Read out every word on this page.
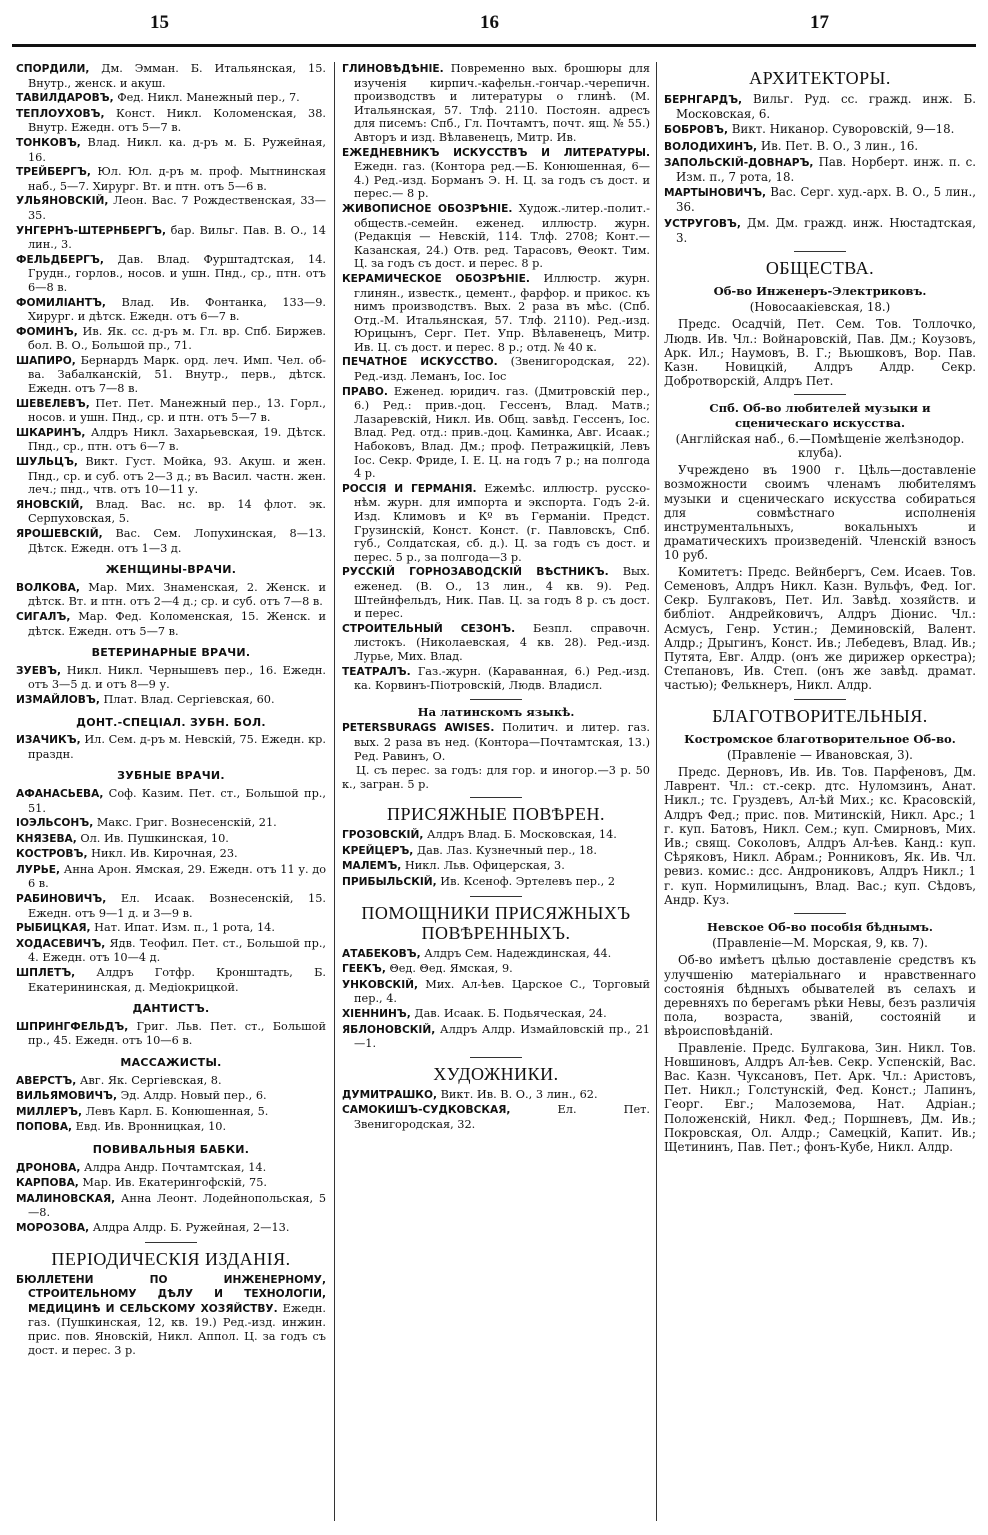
15	16	17
СПОРДИЛИ, Дм. Эмман. Б. Итальянская, 15. Внутр., женск. и акуш.
ТАВИЛДАРОВЪ, Фед. Никл. Манежный пер., 7.
ТЕПЛОУХОВЪ, Конст. Никл. Коломенская, 38. Внутр. Ежедн. отъ 5—7 в.
ТОНКОВЪ, Влад. Никл. ка. д-ръ м. Б. Ружейная, 16.
ТРЕЙБЕРГЪ, Юл. Юл. д-ръ м. проф. Мытнинская наб., 5—7. Хирург. Вт. и птн. отъ 5—6 в.
УЛЬЯНОВСКІЙ, Леон. Вас. 7 Рождественская, 33—35.
УНГЕРНЪ-ШТЕРНБЕРГЪ, бар. Вильг. Пав. В. О., 14 лин., 3.
ФЕЛЬДБЕРГЪ, Дав. Влад. Фурштадтская, 14. Грудн., горлов., носов. и ушн. Пнд., ср., птн. отъ 6—8 в.
ФОМИЛІАНТЪ, Влад. Ив. Фонтанка, 133—9. Хирург. и дѣтск. Ежедн. отъ 6—7 в.
ФОМИНЪ, Ив. Як. сс. д-ръ м. Гл. вр. Спб. Биржев. бол. В. О., Большой пр., 71.
ШАПИРО, Бернардъ Марк. орд. леч. Имп. Чел. об-ва. Забалканскій, 51. Внутр., перв., дѣтск. Ежедн. отъ 7—8 в.
ШЕВЕЛЕВЪ, Пет. Пет. Манежный пер., 13. Горл., носов. и ушн. Пнд., ср. и птн. отъ 5—7 в.
ШКАРИНЪ, Алдръ Никл. Захарьевская, 19. Дѣтск. Пнд., ср., птн. отъ 6—7 в.
ШУЛЬЦЪ, Викт. Густ. Мойка, 93. Акуш. и жен. Пнд., ср. и суб. отъ 2—3 д.; въ Васил. частн. жен. леч.; пнд., чтв. отъ 10—11 у.
ЯНОВСКІЙ, Влад. Вас. нс. вр. 14 флот. эк. Серпуховская, 5.
ЯРОШЕВСКІЙ, Вас. Сем. Лопухинская, 8—13. Дѣтск. Ежедн. отъ 1—3 д.
ЖЕНЩИНЫ-ВРАЧИ.
ВОЛКОВА, Мар. Мих. Знаменская, 2. Женск. и дѣтск. Вт. и птн. отъ 2—4 д.; ср. и суб. отъ 7—8 в.
СИГАЛЪ, Мар. Фед. Коломенская, 15. Женск. и дѣтск. Ежедн. отъ 5—7 в.
ВЕТЕРИНАРНЫЕ ВРАЧИ.
ЗУЕВЪ, Никл. Никл. Чернышевъ пер., 16. Ежедн. отъ 3—5 д. и отъ 8—9 у.
ИЗМАЙЛОВЪ, Плат. Влад. Сергіевская, 60.
ДОНТ.-СПЕЦІАЛ. ЗУБН. БОЛ.
ИЗАЧИКЪ, Ил. Сем. д-ръ м. Невскій, 75. Ежедн. кр. праздн.
ЗУБНЫЕ ВРАЧИ.
АФАНАСЬЕВА, Соф. Казим. Пет. ст., Большой пр., 51.
ІОЭЛЬСОНЪ, Макс. Григ. Вознесенскій, 21.
КНЯЗЕВА, Ол. Ив. Пушкинская, 10.
КОСТРОВЪ, Никл. Ив. Кирочная, 23.
ЛУРЬЕ, Анна Арон. Ямская, 29. Ежедн. отъ 11 у. до 6 в.
РАБИНОВИЧЪ, Ел. Исаак. Вознесенскій, 15. Ежедн. отъ 9—1 д. и 3—9 в.
РЫБИЦКАЯ, Нат. Ипат. Изм. п., 1 рота, 14.
ХОДАСЕВИЧЪ, Ядв. Теофил. Пет. ст., Большой пр., 4. Ежедн. отъ 10—4 д.
ШПЛЕТЪ, Алдръ Готфр. Кронштадть, Б. Екатерининская, д. Медіокрицкой.
ДАНТИСТЪ.
ШПРИНГФЕЛЬДЪ, Григ. Льв. Пет. ст., Большой пр., 45. Ежедн. отъ 10—6 в.
МАССАЖИСТЫ.
АВЕРСТЪ, Авг. Як. Сергіевская, 8.
ВИЛЬЯМОВИЧЪ, Эд. Алдр. Новый пер., 6.
МИЛЛЕРЪ, Левъ Карл. Б. Конюшенная, 5.
ПОПОВА, Евд. Ив. Вронницкая, 10.
ПОВИВАЛЬНЫЯ БАБКИ.
ДРОНОВА, Алдра Андр. Почтамтская, 14.
КАРПОВА, Мар. Ив. Екатерингофскій, 75.
МАЛИНОВСКАЯ, Анна Леонт. Лодейнопольская, 5—8.
МОРОЗОВА, Алдра Алдр. Б. Ружейная, 2—13.
ПЕРІОДИЧЕСКІЯ ИЗДАНІЯ.
БЮЛЛЕТЕНИ ПО ИНЖЕНЕРНОМУ, СТРОИТЕЛЬНОМУ ДѢЛУ И ТЕХНОЛОГІИ, МЕДИЦИНѢ И СЕЛЬСКОМУ ХОЗЯЙСТВУ. Ежедн. газ. (Пушкинская, 12, кв. 19.) Ред.-изд. инжин. прис. пов. Яновскій, Никл. Аппол. Ц. за годъ съ дост. и перес. 3 р.
ГЛИНОВѢДѢНІЕ. Повременно вых. брошюры для изученія кирпич.-кафельн.-гончар.-черепичн. производствъ и литературы о глинѣ. (М. Итальянская, 57. Тлф. 2110. Постоян. адресъ для писемъ: Спб., Гл. Почтамтъ, почт. ящ. № 55.) Авторъ и изд. Вѣлавенецъ, Митр. Ив.
ЕЖЕДНЕВНИКЪ ИСКУССТВЪ И ЛИТЕРАТУРЫ. Ежедн. газ. (Контора ред.—Б. Конюшенная, 6—4.) Ред.-изд. Борманъ Э. Н. Ц. за годъ съ дост. и перес.— 8 р.
ЖИВОПИСНОЕ ОБОЗРѢНІЕ. Худож.-литер.-полит.-обществ.-семейн. еженед. иллюстр. журн. (Редакція — Невскій, 114. Тлф. 2708; Конт.—Казанская, 24.) Отв. ред. Тарасовъ, Θеокт. Тим. Ц. за годъ съ дост. и перес. 8 р.
КЕРАМИЧЕСКОЕ ОБОЗРѢНІЕ. Иллюстр. журн. глинян., известк., цемент., фарфор. и прикос. къ нимъ производствъ. Вых. 2 раза въ мѣс. (Спб. Отд.-М. Итальянская, 57. Тлф. 2110). Ред.-изд. Юрицынъ, Серг. Пет. Упр. Вѣлавенецъ, Митр. Ив. Ц. съ дост. и перес. 8 р.; отд. № 40 к.
ПЕЧАТНОЕ ИСКУССТВО. (Звенигородская, 22). Ред.-изд. Леманъ, Іос. Іос
ПРАВО. Еженед. юридич. газ. (Дмитровскій пер., 6.) Ред.: прив.-доц. Гессенъ, Влад. Матв.; Лазаревскій, Никл. Ив. Общ. завѣд. Гессенъ, Іос. Влад. Ред. отд.: прив.-доц. Каминка, Авг. Исаак.; Набоковъ, Влад. Дм.; проф. Петражицкій, Левъ Іос. Секр. Фриде, І. Е. Ц. на годъ 7 р.; на полгода 4 р.
РОССІЯ И ГЕРМАНІЯ. Ежемѣс. иллюстр. русско-нѣм. журн. для импорта и экспорта. Годъ 2-й. Изд. Климовъ и Кº въ Германіи. Предст. Грузинскій, Конст. Конст. (г. Павловскъ, Спб. губ., Солдатская, сб. д.). Ц. за годъ съ дост. и перес. 5 р., за полгода—3 р.
РУССКІЙ ГОРНОЗАВОДСКІЙ ВѢСТНИКЪ. Вых. еженед. (В. О., 13 лин., 4 кв. 9). Ред. Штейнфельдъ, Ник. Пав. Ц. за годъ 8 р. съ дост. и перес.
СТРОИТЕЛЬНЫЙ СЕЗОНЪ. Безпл. справочн. листокъ. (Николаевская, 4 кв. 28). Ред.-изд. Лурье, Мих. Влад.
ТЕАТРАЛЪ. Газ.-журн. (Караванная, 6.) Ред.-изд. ка. Корвинъ-Піотровскій, Людв. Владисл.
На латинскомъ языкѣ.
PETERSBURAGS AWISES. Политич. и литер. газ. вых. 2 раза въ нед. (Контора—Почтамтская, 13.) Ред. Равинъ, О.
Ц. съ перес. за годъ: для гор. и иногор.—3 р. 50 к., загран. 5 р.
ПРИСЯЖНЫЕ ПОВѢРЕН.
ГРОЗОВСКІЙ, Алдръ Влад. Б. Московская, 14.
КРЕЙЦЕРЪ, Дав. Лаз. Кузнечный пер., 18.
МАЛЕМЪ, Никл. Льв. Офицерская, 3.
ПРИБЫЛЬСКІЙ, Ив. Ксеноф. Эртелевъ пер., 2
ПОМОЩНИКИ ПРИСЯЖНЫХЪ ПОВѢРЕННЫХЪ.
АТАБЕКОВЪ, Алдръ Сем. Надеждинская, 44.
ГЕЕКЪ, Θед. Θед. Ямская, 9.
УНКОВСКІЙ, Мих. Ал-ѣев. Царское С., Торговый пер., 4.
ХІЕННИНЪ, Дав. Исаак. Б. Подьяческая, 24.
ЯБЛОНОВСКІЙ, Алдръ Алдр. Измайловскій пр., 21—1.
ХУДОЖНИКИ.
ДУМИТРАШКО, Викт. Ив. В. О., 3 лин., 62.
САМОКИШЪ-СУДКОВСКАЯ,	Ел. Пет. Звенигородская, 32.
АРХИТЕКТОРЫ.
БЕРНГАРДЪ, Вильг. Руд. сс. гражд. инж. Б. Московская, 6.
БОБРОВЪ, Викт. Никанор. Суворовскій, 9—18.
ВОЛОДИХИНЪ, Ив. Пет. В. О., 3 лин., 16.
ЗАПОЛЬСКІЙ-ДОВНАРЪ, Пав. Норберт. инж. п. с. Изм. п., 7 рота, 18.
МАРТЫНОВИЧЪ, Вас. Серг. худ.-арх. В. О., 5 лин., 36.
УСТРУГОВЪ, Дм. Дм. гражд. инж. Нюстадтская, 3.
ОБЩЕСТВА.
Об-во Инженеръ-Электриковъ.
(Новосаакіевская, 18.)
Предс. Осадчій, Пет. Сем. Тов. Толлочко, Людв. Ив. Чл.: Войнаровскій, Пав. Дм.; Коузовъ, Арк. Ил.; Наумовъ, В. Г.; Вьюшковъ, Вор. Пав. Казн. Новицкій, Алдръ Алдр. Секр. Добротворскій, Алдръ Пет.
Спб. Об-во любителей музыки и сценическаго искусства.
(Англійская наб., 6.—Помѣщеніе желѣзнодор. клуба).
Учреждено въ 1900 г. Цѣль—доставленіе возможности своимъ членамъ любителямъ музыки и сценическаго искусства собираться для совмѣстнаго исполненія инструментальныхъ, вокальныхъ и драматическихъ произведеній. Членскій взносъ 10 руб.
Комитетъ: Предс. Вейнбергъ, Сем. Исаев. Тов. Семеновъ, Алдръ Никл. Казн. Вульфъ, Фед. Іог. Секр. Булгаковъ, Пет. Ил. Завѣд. хозяйств. и библіот. Андрейковичъ, Алдръ Діонис. Чл.: Асмусъ, Генр. Устин.; Деминовскій, Валент. Алдр.; Дрыгинъ, Конст. Ив.; Лебедевъ, Влад. Ив.; Путята, Евг. Алдр. (онъ же дирижер оркестра); Степановъ, Ив. Степ. (онъ же завѣд. драмат. частью); Фелькнеръ, Никл. Алдр.
БЛАГОТВОРИТЕЛЬНЫЯ.
Костромское благотворительное Об-во.
(Правленіе — Ивановская, 3).
Предс. Дерновъ, Ив. Ив. Тов. Парфеновъ, Дм. Лаврент. Чл.: ст.-секр. дтс. Нуломзинъ, Анат. Никл.; тс. Груздевъ, Ал-ѣй Мих.; кс. Красовскій, Алдръ Фед.; прис. пов. Митинскій, Никл. Арс.; 1 г. куп. Батовъ, Никл. Сем.; куп. Смирновъ, Мих. Ив.; свящ. Соколовъ, Алдръ Ал-ѣев. Канд.: куп. Сѣряковъ, Никл. Абрам.; Ронниковъ, Як. Ив. Чл. ревиз. комис.: дсс. Андрониковъ, Алдръ Никл.; 1 г. куп. Нормилицынъ, Влад. Вас.; куп. Сѣдовъ, Андр. Куз.
Невское Об-во пособія бѣднымъ.
(Правленіе—М. Морская, 9, кв. 7).
Об-во имѣетъ цѣлью доставленіе средствъ къ улучшенію матеріальнаго и нравственнаго состоянія бѣдныхъ обывателей въ селахъ и деревняхъ по берегамъ рѣки Невы, безъ различія пола, возраста, званій, состояній и вѣроисповѣданій.
Правленіе. Предс. Булгакова, Зин. Никл. Тов. Новшиновъ, Алдръ Ал-ѣев. Секр. Успенскій, Вас. Вас. Казн. Чуксановъ, Пет. Арк. Чл.: Аристовъ, Пет. Никл.; Голстунскій, Фед. Конст.; Лапинъ, Георг. Евг.; Малоземова, Нат. Адріан.; Положенскій, Никл. Фед.; Поршневъ, Дм. Ив.; Покровская, Ол. Алдр.; Самецкій, Капит. Ив.; Щетининъ, Пав. Пет.; фонъ-Кубе, Никл. Алдр.
